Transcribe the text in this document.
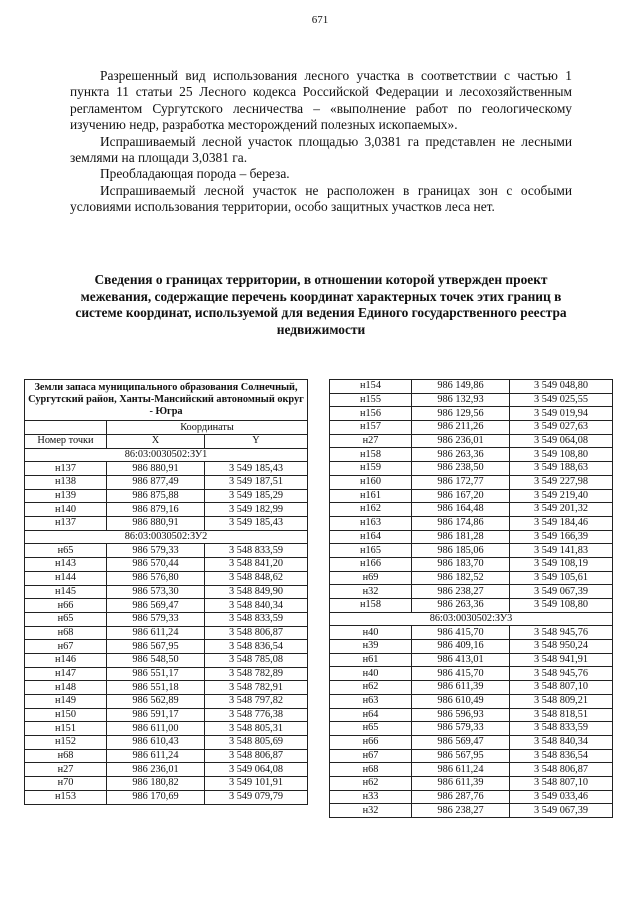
671

Разрешенный вид использования лесного участка в соответствии с частью 1 пункта 11 статьи 25 Лесного кодекса Российской Федерации и лесохозяйственным регламентом Сургутского лесничества – «выполнение работ по геологическому изучению недр, разработка месторождений полезных ископаемых».

Испрашиваемый лесной участок площадью 3,0381 га представлен не лесными землями на площади 3,0381 га.

Преобладающая порода – береза.

Испрашиваемый лесной участок не расположен в границах зон с особыми условиями использования территории, особо защитных участков леса нет.

Сведения о границах территории, в отношении которой утвержден проект межевания, содержащие перечень координат характерных точек этих границ в системе координат, используемой для ведения Единого государственного реестра недвижимости
Земли запаса муниципального образования Солнечный, Сургутский район, Ханты-Мансийский автономный округ - Югра		
	Координаты	
Номер точки	X	Y
86:03:0030502:ЗУ1		
н137	986 880,91	3 549 185,43
н138	986 877,49	3 549 187,51
н139	986 875,88	3 549 185,29
н140	986 879,16	3 549 182,99
н137	986 880,91	3 549 185,43
86:03:0030502:ЗУ2		
н65	986 579,33	3 548 833,59
н143	986 570,44	3 548 841,20
н144	986 576,80	3 548 848,62
н145	986 573,30	3 548 849,90
н66	986 569,47	3 548 840,34
н65	986 579,33	3 548 833,59
н68	986 611,24	3 548 806,87
н67	986 567,95	3 548 836,54
н146	986 548,50	3 548 785,08
н147	986 551,17	3 548 782,89
н148	986 551,18	3 548 782,91
н149	986 562,89	3 548 797,82
н150	986 591,17	3 548 776,38
н151	986 611,00	3 548 805,31
н152	986 610,43	3 548 805,69
н68	986 611,24	3 548 806,87
н27	986 236,01	3 549 064,08
н70	986 180,82	3 549 101,91
н153	986 170,69	3 549 079,79
н154	986 149,86	3 549 048,80
н155	986 132,93	3 549 025,55
н156	986 129,56	3 549 019,94
н157	986 211,26	3 549 027,63
н27	986 236,01	3 549 064,08
н158	986 263,36	3 549 108,80
н159	986 238,50	3 549 188,63
н160	986 172,77	3 549 227,98
н161	986 167,20	3 549 219,40
н162	986 164,48	3 549 201,32
н163	986 174,86	3 549 184,46
н164	986 181,28	3 549 166,39
н165	986 185,06	3 549 141,83
н166	986 183,70	3 549 108,19
н69	986 182,52	3 549 105,61
н32	986 238,27	3 549 067,39
н158	986 263,36	3 549 108,80
86:03:0030502:ЗУ3		
н40	986 415,70	3 548 945,76
н39	986 409,16	3 548 950,24
н61	986 413,01	3 548 941,91
н40	986 415,70	3 548 945,76
н62	986 611,39	3 548 807,10
н63	986 610,49	3 548 809,21
н64	986 596,93	3 548 818,51
н65	986 579,33	3 548 833,59
н66	986 569,47	3 548 840,34
н67	986 567,95	3 548 836,54
н68	986 611,24	3 548 806,87
н62	986 611,39	3 548 807,10
н33	986 287,76	3 549 033,46
н32	986 238,27	3 549 067,39
